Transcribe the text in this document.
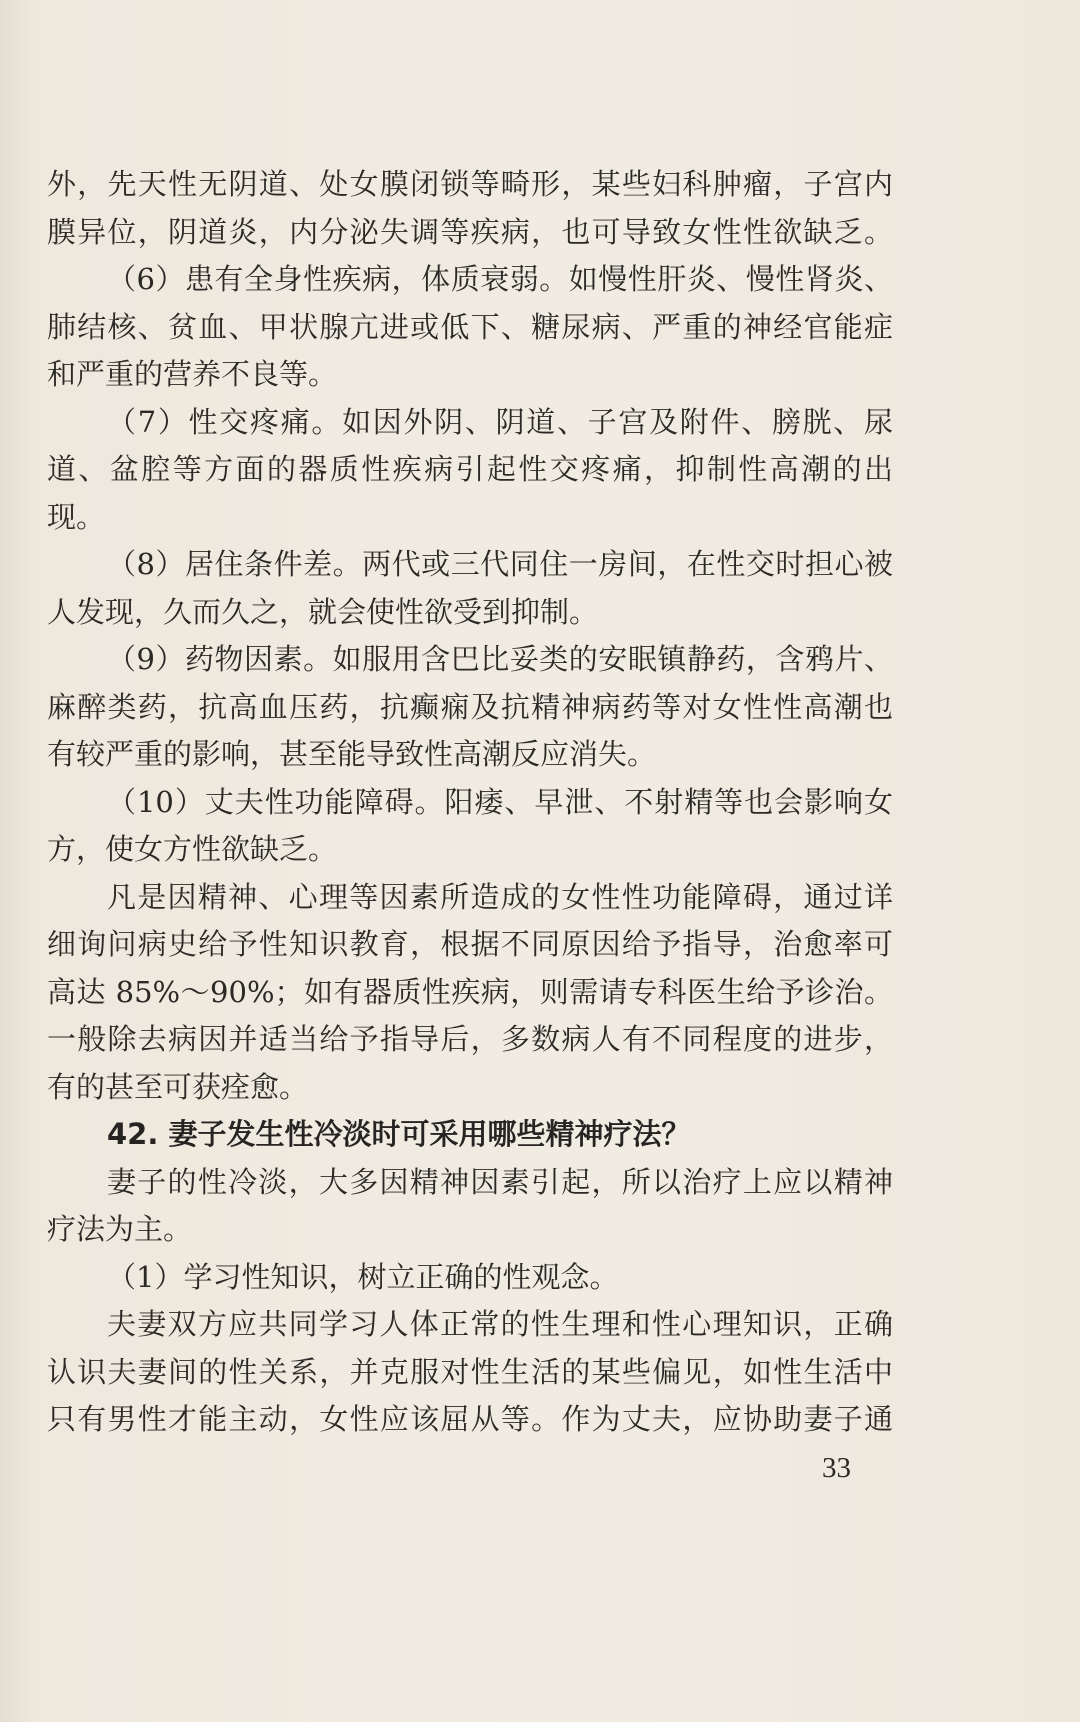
外，先天性无阴道、处女膜闭锁等畸形，某些妇科肿瘤，子宫内
膜异位，阴道炎，内分泌失调等疾病，也可导致女性性欲缺乏。
（6）患有全身性疾病，体质衰弱。如慢性肝炎、慢性肾炎、
肺结核、贫血、甲状腺亢进或低下、糖尿病、严重的神经官能症
和严重的营养不良等。
（7）性交疼痛。如因外阴、阴道、子宫及附件、膀胱、尿
道、盆腔等方面的器质性疾病引起性交疼痛，抑制性高潮的出
现。
（8）居住条件差。两代或三代同住一房间，在性交时担心被
人发现，久而久之，就会使性欲受到抑制。
（9）药物因素。如服用含巴比妥类的安眠镇静药，含鸦片、
麻醉类药，抗高血压药，抗癫痫及抗精神病药等对女性性高潮也
有较严重的影响，甚至能导致性高潮反应消失。
（10）丈夫性功能障碍。阳痿、早泄、不射精等也会影响女
方，使女方性欲缺乏。
凡是因精神、心理等因素所造成的女性性功能障碍，通过详
细询问病史给予性知识教育，根据不同原因给予指导，治愈率可
高达 85%～90%；如有器质性疾病，则需请专科医生给予诊治。
一般除去病因并适当给予指导后，多数病人有不同程度的进步，
有的甚至可获痊愈。
42. 妻子发生性冷淡时可采用哪些精神疗法？
妻子的性冷淡，大多因精神因素引起，所以治疗上应以精神
疗法为主。
（1）学习性知识，树立正确的性观念。
夫妻双方应共同学习人体正常的性生理和性心理知识，正确
认识夫妻间的性关系，并克服对性生活的某些偏见，如性生活中
只有男性才能主动，女性应该屈从等。作为丈夫，应协助妻子通
33
